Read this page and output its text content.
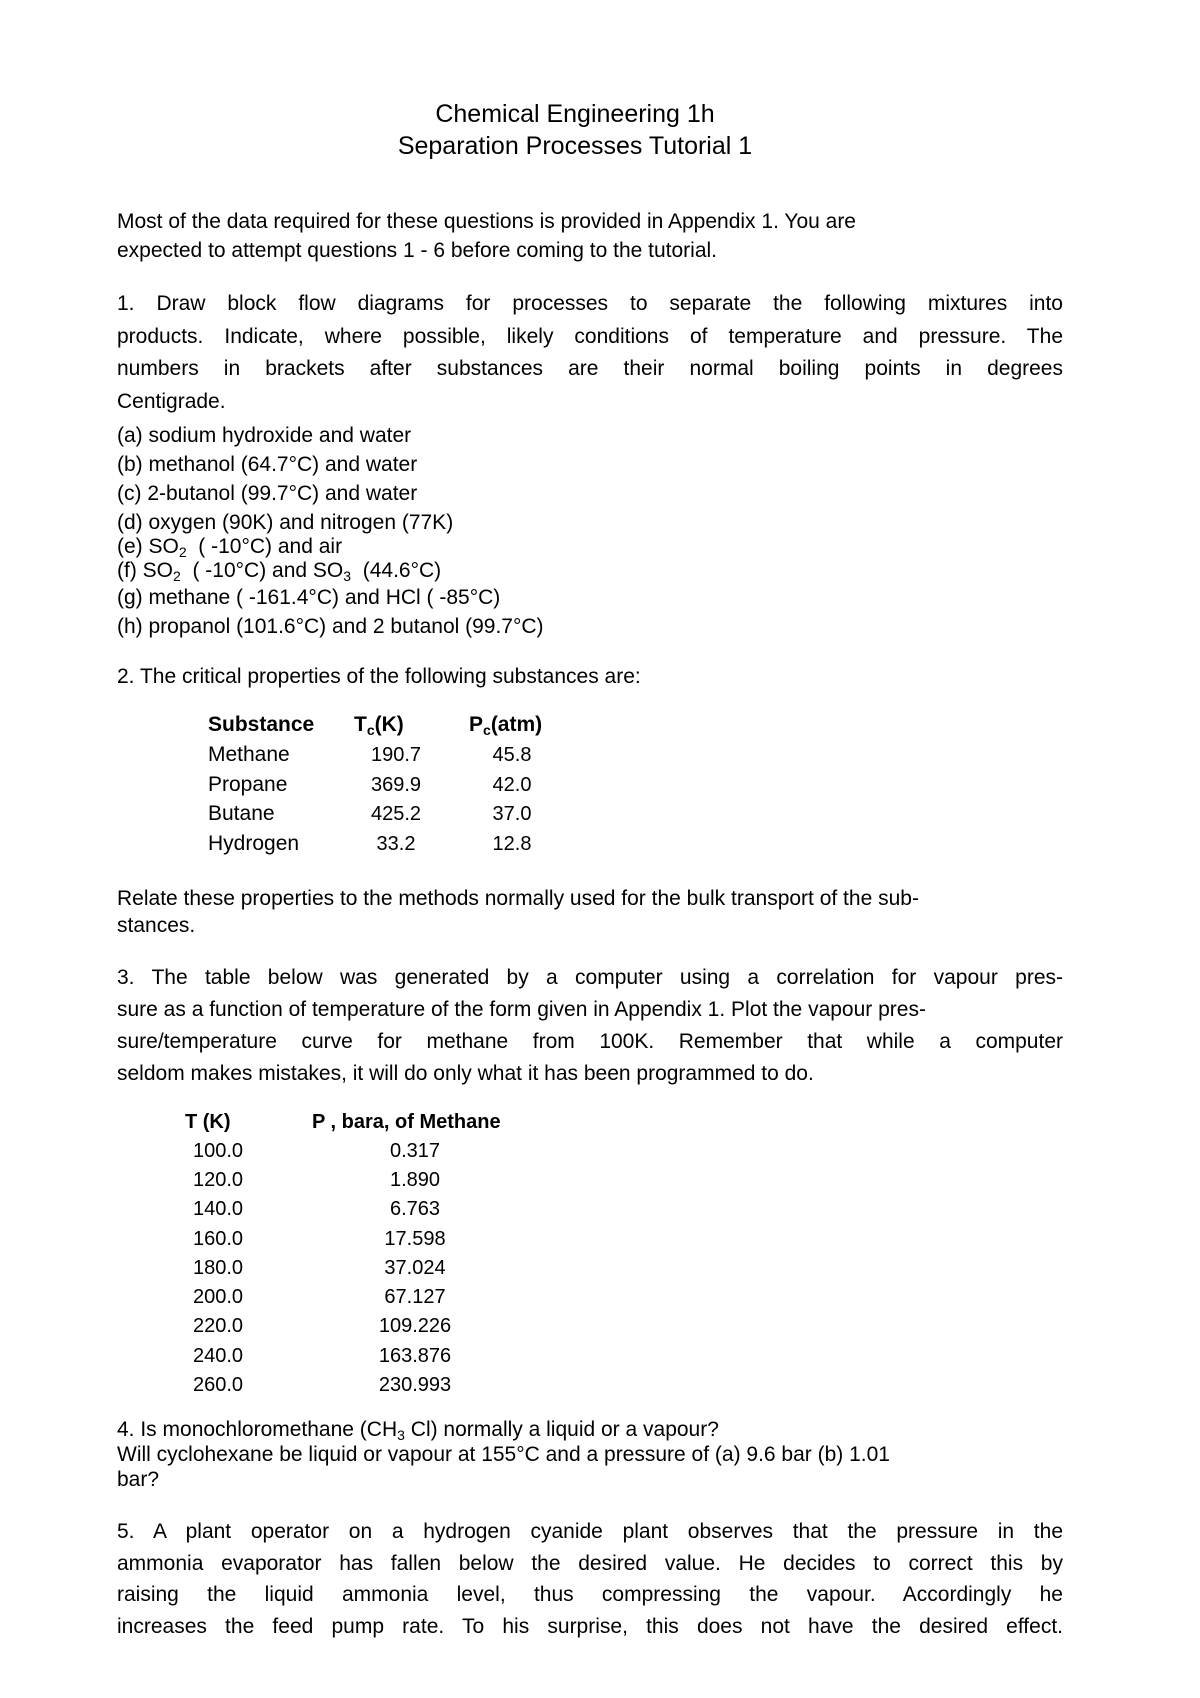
Chemical Engineering 1h
Separation Processes Tutorial 1
Most of the data required for these questions is provided in Appendix 1. You are
expected to attempt questions 1 - 6 before coming to the tutorial.
1. Draw block flow diagrams for processes to separate the following mixtures into
products. Indicate, where possible, likely conditions of temperature and pressure. The
numbers in brackets after substances are their normal boiling points in degrees
Centigrade.
(a) sodium hydroxide and water
(b) methanol (64.7°C) and water
(c) 2-butanol (99.7°C) and water
(d) oxygen (90K) and nitrogen (77K)
(e) $SO_2$  ( -10°C) and air
(f) $SO_2$  ( -10°C) and $SO_3$  (44.6°C)
(g) methane ( -161.4°C) and HCl ( -85°C)
(h) propanol (101.6°C) and 2 butanol (99.7°C)
2. The critical properties of the following substances are:
Substance $T_c(K)$	$P_c(atm)$
Methane	190.7	45.8
Propane	369.9	42.0
Butane	425.2	37.0
Hydrogen	33.2	12.8
Relate these properties to the methods normally used for the bulk transport of the sub-
stances.
3. The table below was generated by a computer using a correlation for vapour pres-
sure as a function of temperature of the form given in Appendix 1. Plot the vapour pres-
sure/temperature curve for methane from 100K. Remember that while a computer
seldom makes mistakes, it will do only what it has been programmed to do.
T (K)	P , bara, of Methane
100.0	0.317
120.0	1.890
140.0	6.763
160.0	17.598
180.0	37.024
200.0	67.127
220.0	109.226
240.0	163.876
260.0	230.993
4. Is monochloromethane ($CH_3$ Cl) normally a liquid or a vapour?
Will cyclohexane be liquid or vapour at 155°C and a pressure of (a) 9.6 bar (b) 1.01
bar?
5. A plant operator on a hydrogen cyanide plant observes that the pressure in the
ammonia evaporator has fallen below the desired value. He decides to correct this by
raising the liquid ammonia level, thus compressing the vapour. Accordingly he
increases the feed pump rate. To his surprise, this does not have the desired effect.
